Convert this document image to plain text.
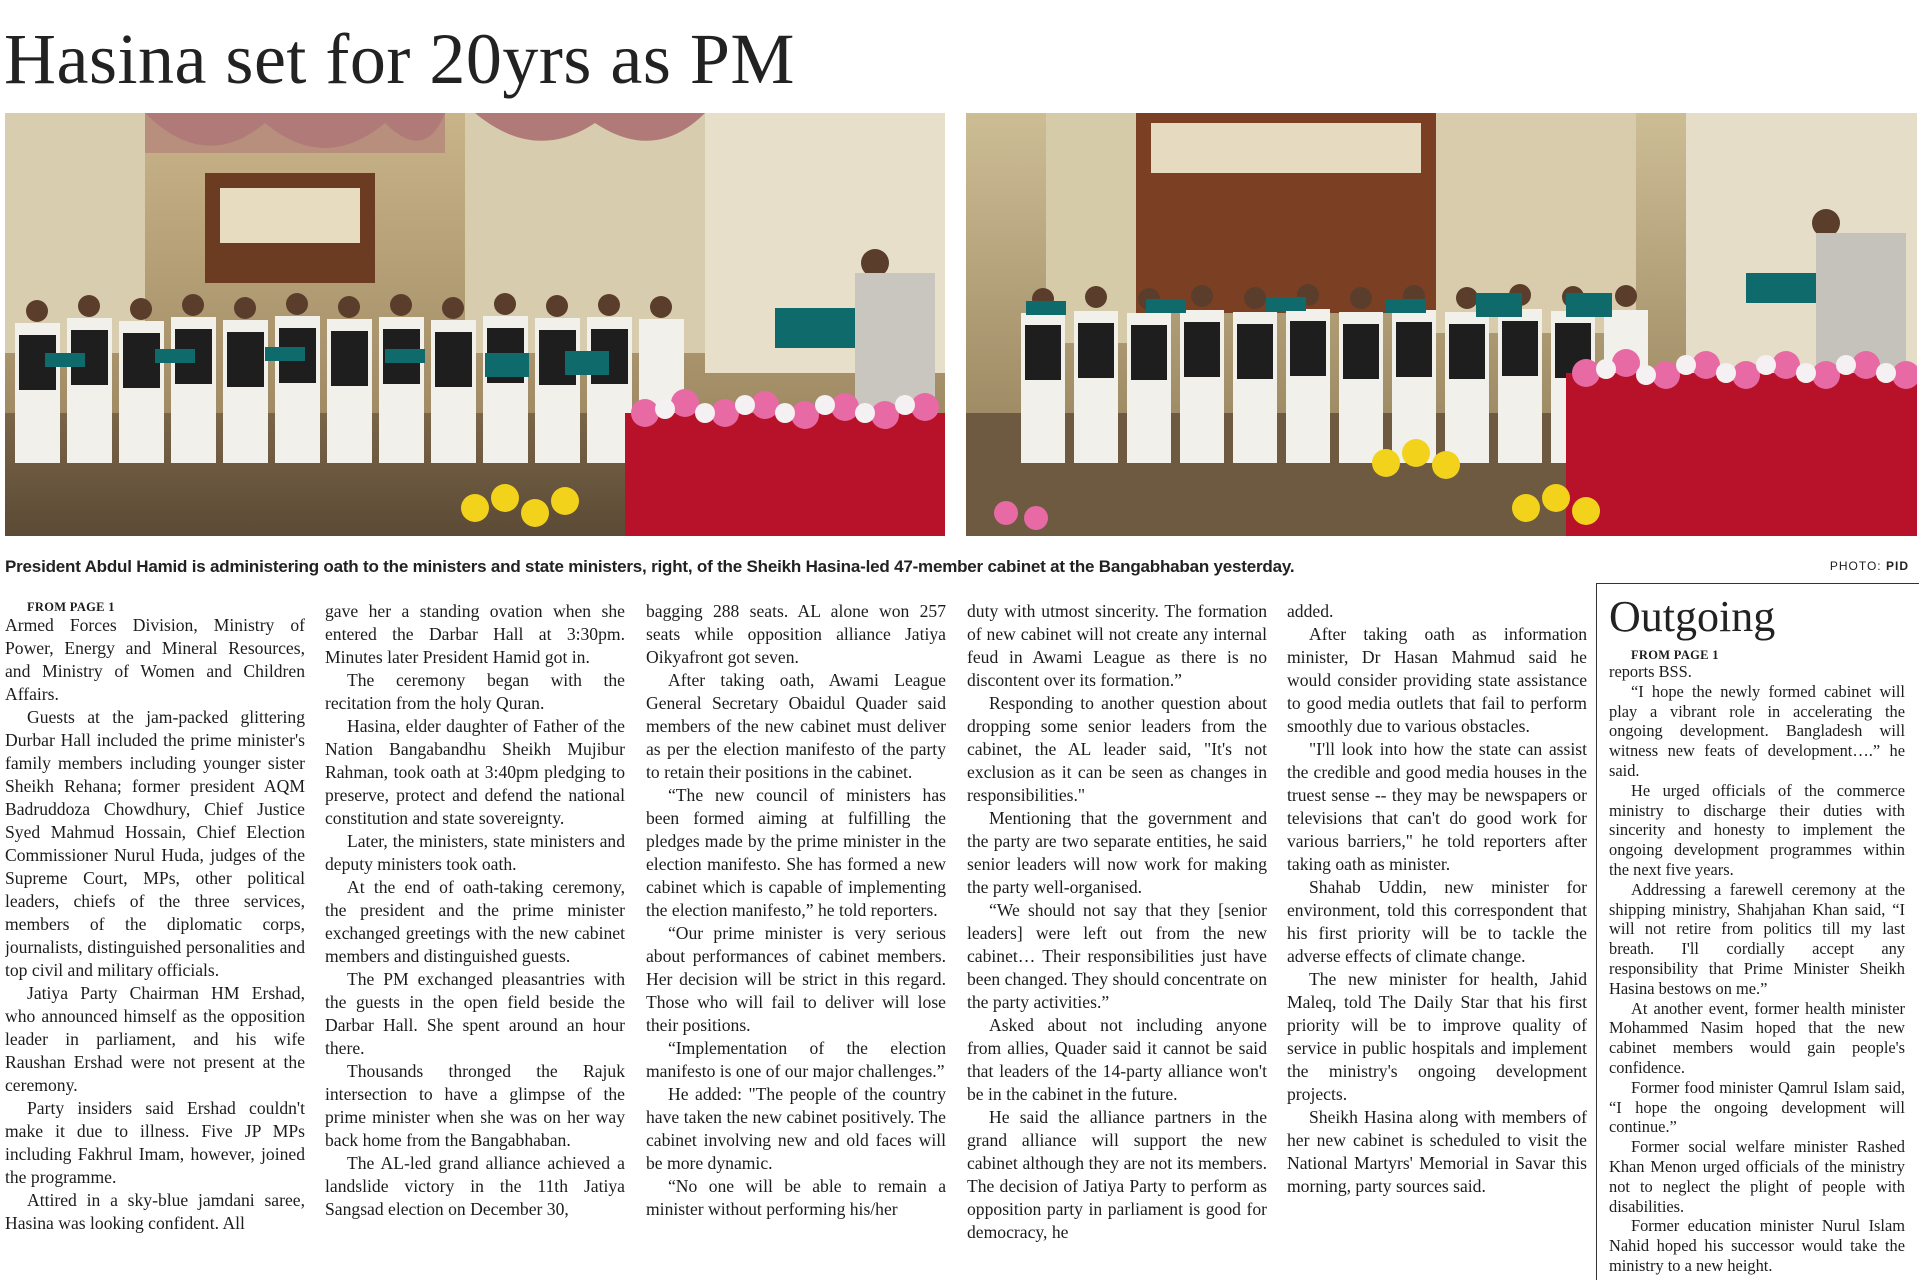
Hasina set for 20yrs as PM
President Abdul Hamid is administering oath to the ministers and state ministers, right, of the Sheikh Hasina-led 47-member cabinet at the Bangabhaban yesterday.	PHOTO: PID

FROM PAGE 1

Armed Forces Division, Ministry of Power, Energy and Mineral Resources, and Ministry of Women and Children Affairs.

Guests at the jam-packed glittering Durbar Hall included the prime minister's family members including younger sister Sheikh Rehana; former president AQM Badruddoza Chowdhury, Chief Justice Syed Mahmud Hossain, Chief Election Commissioner Nurul Huda, judges of the Supreme Court, MPs, other political leaders, chiefs of the three services, members of the diplomatic corps, journalists, distinguished personalities and top civil and military officials.

Jatiya Party Chairman HM Ershad, who announced himself as the opposition leader in parliament, and his wife Raushan Ershad were not present at the ceremony.

Party insiders said Ershad couldn't make it due to illness. Five JP MPs including Fakhrul Imam, however, joined the programme.

Attired in a sky-blue jamdani saree, Hasina was looking confident. All

gave her a standing ovation when she entered the Darbar Hall at 3:30pm. Minutes later President Hamid got in.

The ceremony began with the recitation from the holy Quran.

Hasina, elder daughter of Father of the Nation Bangabandhu Sheikh Mujibur Rahman, took oath at 3:40pm pledging to preserve, protect and defend the national constitution and state sovereignty.

Later, the ministers, state ministers and deputy ministers took oath.

At the end of oath-taking ceremony, the president and the prime minister exchanged greetings with the new cabinet members and distinguished guests.

The PM exchanged pleasantries with the guests in the open field beside the Darbar Hall. She spent around an hour there.

Thousands thronged the Rajuk intersection to have a glimpse of the prime minister when she was on her way back home from the Bangabhaban.

The AL-led grand alliance achieved a landslide victory in the 11th Jatiya Sangsad election on December 30,

bagging 288 seats. AL alone won 257 seats while opposition alliance Jatiya Oikyafront got seven.

After taking oath, Awami League General Secretary Obaidul Quader said members of the new cabinet must deliver as per the election manifesto of the party to retain their positions in the cabinet.

“The new council of ministers has been formed aiming at fulfilling the pledges made by the prime minister in the election manifesto. She has formed a new cabinet which is capable of implementing the election manifesto,” he told reporters.

“Our prime minister is very serious about performances of cabinet members. Her decision will be strict in this regard. Those who will fail to deliver will lose their positions.

“Implementation of the election manifesto is one of our major challenges.”

He added: "The people of the country have taken the new cabinet positively. The cabinet involving new and old faces will be more dynamic.

“No one will be able to remain a minister without performing his/her

duty with utmost sincerity. The formation of new cabinet will not create any internal feud in Awami League as there is no discontent over its formation.”

Responding to another question about dropping some senior leaders from the cabinet, the AL leader said, "It's not exclusion as it can be seen as changes in responsibilities."

Mentioning that the government and the party are two separate entities, he said senior leaders will now work for making the party well-organised.

“We should not say that they [senior leaders] were left out from the new cabinet… Their responsibilities just have been changed. They should concentrate on the party activities.”

Asked about not including anyone from allies, Quader said it cannot be said that leaders of the 14-party alliance won't be in the cabinet in the future.

He said the alliance partners in the grand alliance will support the new cabinet although they are not its members. The decision of Jatiya Party to perform as opposition party in parliament is good for democracy, he

added.

After taking oath as information minister, Dr Hasan Mahmud said he would consider providing state assistance to good media outlets that fail to perform smoothly due to various obstacles.

"I'll look into how the state can assist the credible and good media houses in the truest sense -- they may be newspapers or televisions that can't do good work for various barriers," he told reporters after taking oath as minister.

Shahab Uddin, new minister for environment, told this correspondent that his first priority will be to tackle the adverse effects of climate change.

The new minister for health, Jahid Maleq, told The Daily Star that his first priority will be to improve quality of service in public hospitals and implement the ministry's ongoing development projects.

Sheikh Hasina along with members of her new cabinet is scheduled to visit the National Martyrs' Memorial in Savar this morning, party sources said.

Outgoing

FROM PAGE 1

reports BSS.

“I hope the newly formed cabinet will play a vibrant role in accelerating the ongoing development. Bangladesh will witness new feats of development….” he said.

He urged officials of the commerce ministry to discharge their duties with sincerity and honesty to implement the ongoing development programmes within the next five years.

Addressing a farewell ceremony at the shipping ministry, Shahjahan Khan said, “I will not retire from politics till my last breath. I'll cordially accept any responsibility that Prime Minister Sheikh Hasina bestows on me.”

At another event, former health minister Mohammed Nasim hoped that the new cabinet members would gain people's confidence.

Former food minister Qamrul Islam said, “I hope the ongoing development will continue.”

Former social welfare minister Rashed Khan Menon urged officials of the ministry not to neglect the plight of people with disabilities.

Former education minister Nurul Islam Nahid hoped his successor would take the ministry to a new height.
